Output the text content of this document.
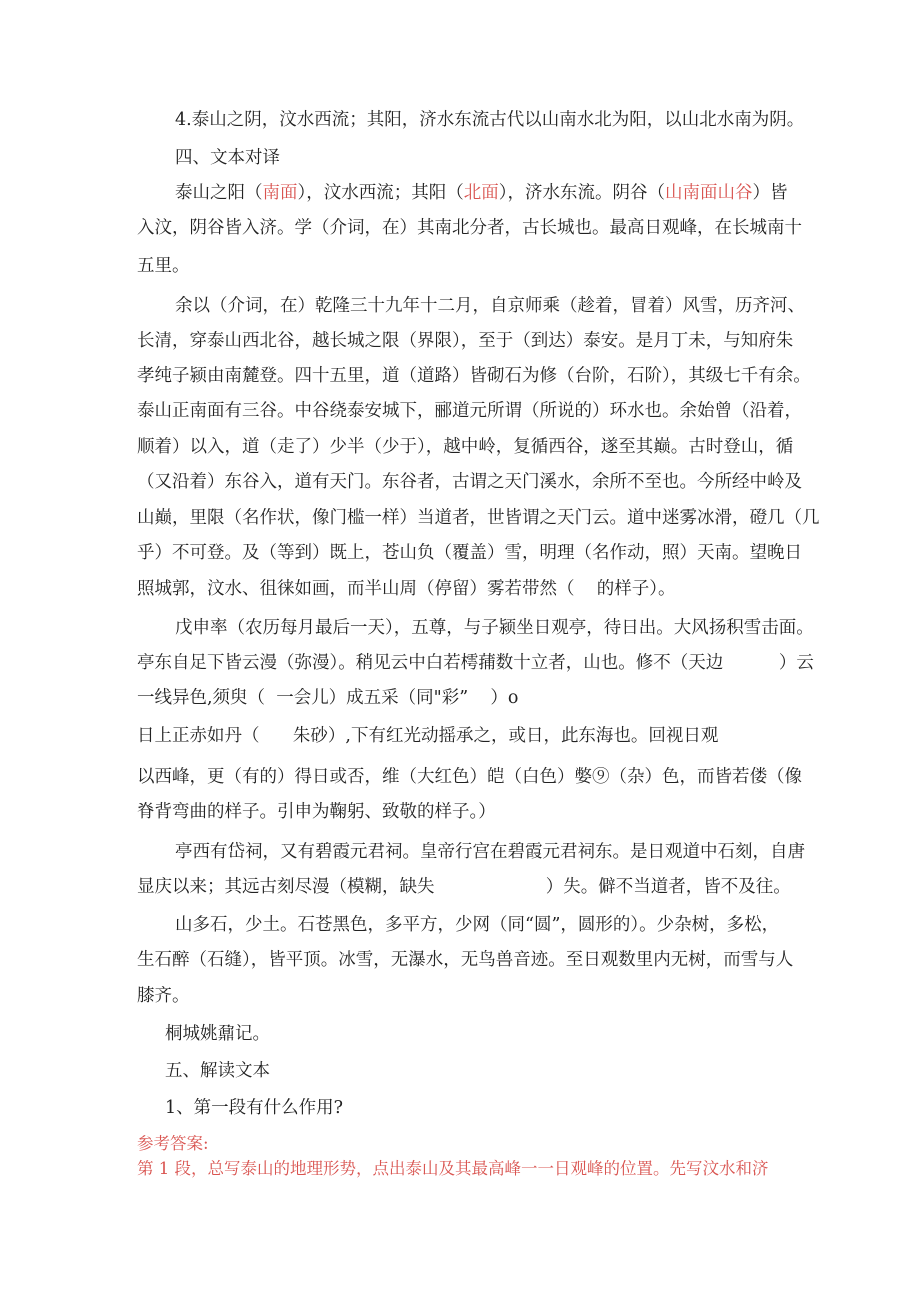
4.泰山之阴，汶水西流；其阳，济水东流古代以山南水北为阳，以山北水南为阴。
四、文本对译
泰山之阳（南面），汶水西流；其阳（北面），济水东流。阴谷（山南面山谷）皆
入汶，阴谷皆入济。学（介词，在）其南北分者，古长城也。最高日观峰，在长城南十
五里。
余以（介词，在）乾隆三十九年十二月，自京师乘（趁着，冒着）风雪，历齐河、
长清，穿泰山西北谷，越长城之限（界限），至于（到达）泰安。是月丁未，与知府朱
孝纯子颍由南麓登。四十五里，道（道路）皆砌石为修（台阶，石阶），其级七千有余。
泰山正南面有三谷。中谷绕泰安城下，郦道元所谓（所说的）环水也。余始曾（沿着，
顺着）以入，道（走了）少半（少于），越中岭，复循西谷，遂至其巅。古时登山，循
（又沿着）东谷入，道有天门。东谷者，古谓之天门溪水，余所不至也。今所经中岭及
山巅，里限（名作状，像门槛一样）当道者，世皆谓之天门云。道中迷雾冰滑，磴几（几
乎）不可登。及（等到）既上，苍山负（覆盖）雪，明理（名作动，照）天南。望晚日
照城郭，汶水、徂徕如画，而半山周（停留）雾若带然（    的样子）。
戊申率（农历每月最后一天），五尊，与子颍坐日观亭，待日出。大风扬积雪击面。
亭东自足下皆云漫（弥漫）。稍见云中白若樗蒱数十立者，山也。修不（天边          ）云
一线异色,须臾（  一会儿）成五采（同"彩”    ）o
日上正赤如丹（      朱砂）,下有红光动摇承之，或日，此东海也。回视日观
以西峰，更（有的）得日或否，维（大红色）皑（白色）嫳⑨（杂）色，而皆若偻（像
脊背弯曲的样子。引申为鞠躬、致敬的样子。）
亭西有岱祠，又有碧霞元君祠。皇帝行宫在碧霞元君祠东。是日观道中石刻，自唐
显庆以来；其远古刻尽漫（模糊，缺失                    ）失。僻不当道者，皆不及往。
山多石，少土。石苍黑色，多平方，少网（同“圆”，圆形的）。少杂树，多松，
生石醉（石缝），皆平顶。冰雪，无瀑水，无鸟兽音迹。至日观数里内无树，而雪与人
膝齐。
桐城姚鼐记。
五、解读文本
1、第一段有什么作用?
参考答案:
第 1 段，总写泰山的地理形势，点出泰山及其最高峰一一日观峰的位置。先写汶水和济
